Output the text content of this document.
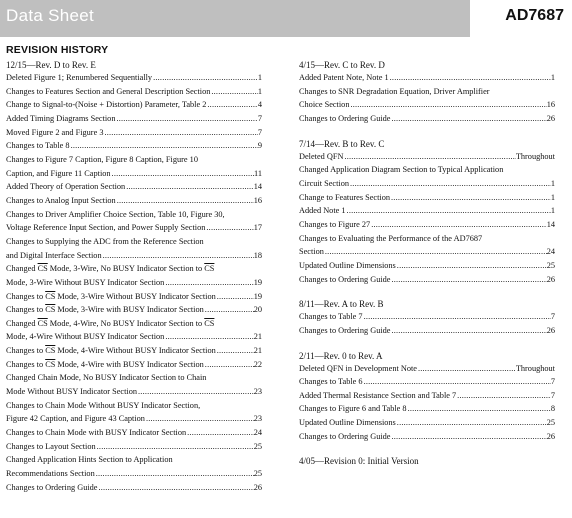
Data Sheet	AD7687
REVISION HISTORY
12/15—Rev. D to Rev. E
Deleted Figure 1; Renumbered Sequentially .....	1
Changes to Features Section and General Description Section .....	1
Change to Signal-to-(Noise + Distortion) Parameter, Table 2 .....	4
Added Timing Diagrams Section .....	7
Moved Figure 2 and Figure 3 .....	7
Changes to Table 8 .....	9
Changes to Figure 7 Caption, Figure 8 Caption, Figure 10
Caption, and Figure 11 Caption .....	11
Added Theory of Operation Section .....	14
Changes to Analog Input Section .....	16
Changes to Driver Amplifier Choice Section, Table 10, Figure 30,
Voltage Reference Input Section, and Power Supply Section .....	17
Changes to Supplying the ADC from the Reference Section
and Digital Interface Section .....	18
Changed $\overline{CS}$ Mode, 3-Wire, No BUSY Indicator Section to $\overline{CS}$
Mode, 3-Wire Without BUSY Indicator Section .....	19
Changes to $\overline{CS}$ Mode, 3-Wire Without BUSY Indicator Section .....	19
Changes to $\overline{CS}$ Mode, 3-Wire with BUSY Indicator Section .....	20
Changed $\overline{CS}$ Mode, 4-Wire, No BUSY Indicator Section to $\overline{CS}$
Mode, 4-Wire Without BUSY Indicator Section .....	21
Changes to $\overline{CS}$ Mode, 4-Wire Without BUSY Indicator Section .....	21
Changes to $\overline{CS}$ Mode, 4-Wire with BUSY Indicator Section .....	22
Changed Chain Mode, No BUSY Indicator Section to Chain
Mode Without BUSY Indicator Section .....	23
Changes to Chain Mode Without BUSY Indicator Section,
Figure 42 Caption, and Figure 43 Caption .....	23
Changes to Chain Mode with BUSY Indicator Section .....	24
Changes to Layout Section .....	25
Changed Application Hints Section to Application
Recommendations Section .....	25
Changes to Ordering Guide .....	26
4/15—Rev. C to Rev. D
Added Patent Note, Note 1 .....	1
Changes to SNR Degradation Equation, Driver Amplifier
Choice Section .....	16
Changes to Ordering Guide .....	26
7/14—Rev. B to Rev. C
Deleted QFN .....	Throughout
Changed Application Diagram Section to Typical Application
Circuit Section .....	1
Change to Features Section .....	1
Added Note 1 .....	1
Changes to Figure 27 .....	14
Changes to Evaluating the Performance of the AD7687
Section .....	24
Updated Outline Dimensions .....	25
Changes to Ordering Guide .....	26
8/11—Rev. A to Rev. B
Changes to Table 7 .....	7
Changes to Ordering Guide .....	26
2/11—Rev. 0 to Rev. A
Deleted QFN in Development Note .....	Throughout
Changes to Table 6 .....	7
Added Thermal Resistance Section and Table 7 .....	7
Changes to Figure 6 and Table 8 .....	8
Updated Outline Dimensions .....	25
Changes to Ordering Guide .....	26
4/05—Revision 0: Initial Version
